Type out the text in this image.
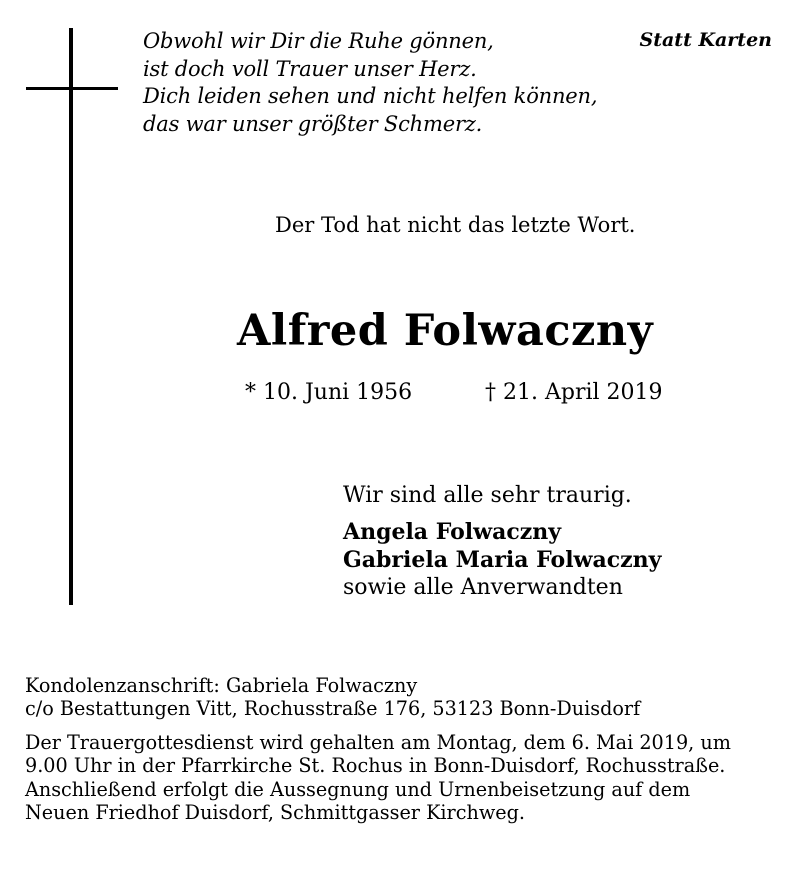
Obwohl wir Dir die Ruhe gönnen,
ist doch voll Trauer unser Herz.
Dich leiden sehen und nicht helfen können,
das war unser größter Schmerz.
Statt Karten
Der Tod hat nicht das letzte Wort.
Alfred Folwaczny
* 10. Juni 1956	† 21. April 2019
Wir sind alle sehr traurig.
Angela Folwaczny
Gabriela Maria Folwaczny
sowie alle Anverwandten
Kondolenzanschrift: Gabriela Folwaczny
c/o Bestattungen Vitt, Rochusstraße 176, 53123 Bonn-Duisdorf
Der Trauergottesdienst wird gehalten am Montag, dem 6. Mai 2019, um
9.00 Uhr in der Pfarrkirche St. Rochus in Bonn-Duisdorf, Rochusstraße.
Anschließend erfolgt die Aussegnung und Urnenbeisetzung auf dem
Neuen Friedhof Duisdorf, Schmittgasser Kirchweg.
